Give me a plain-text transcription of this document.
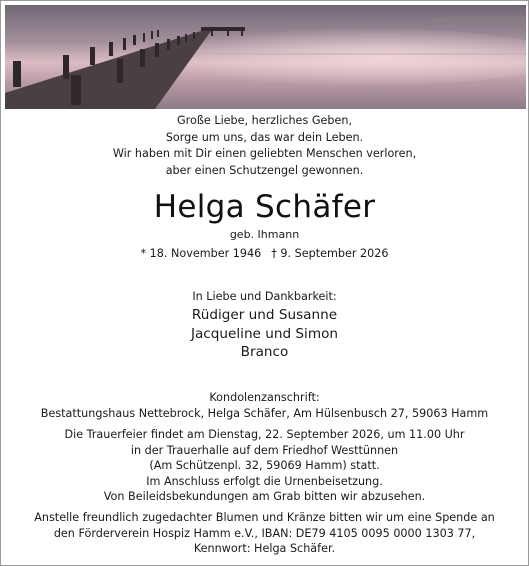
Große Liebe, herzliches Geben,
Sorge um uns, das war dein Leben.
Wir haben mit Dir einen geliebten Menschen verloren,
aber einen Schutzengel gewonnen.
Helga Schäfer
geb. Ihmann
* 18. November 1946 † 9. September 2026
In Liebe und Dankbarkeit:
Rüdiger und Susanne
Jacqueline und Simon
Branco
Kondolenzanschrift:
Bestattungshaus Nettebrock, Helga Schäfer, Am Hülsenbusch 27, 59063 Hamm
Die Trauerfeier findet am Dienstag, 22. September 2026, um 11.00 Uhr
in der Trauerhalle auf dem Friedhof Westtünnen
(Am Schützenpl. 32, 59069 Hamm) statt.
Im Anschluss erfolgt die Urnenbeisetzung.
Von Beileidsbekundungen am Grab bitten wir abzusehen.
Anstelle freundlich zugedachter Blumen und Kränze bitten wir um eine Spende an
den Förderverein Hospiz Hamm e.V., IBAN: DE79 4105 0095 0000 1303 77,
Kennwort: Helga Schäfer.
